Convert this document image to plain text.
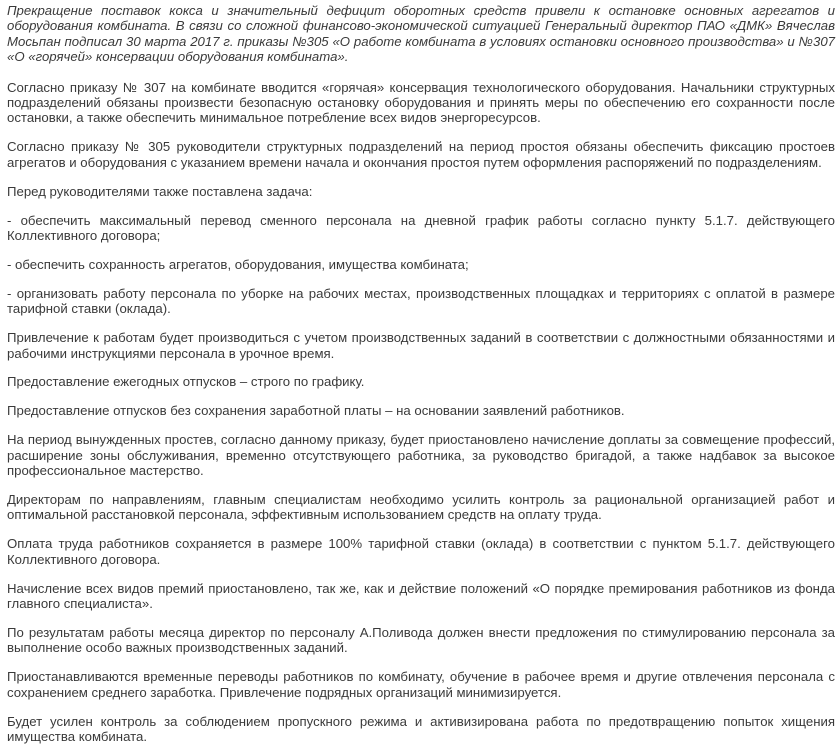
Прекращение поставок кокса и значительный дефицит оборотных средств привели к остановке основных агрегатов и оборудования комбината. В связи со сложной финансово-экономической ситуацией Генеральный директор ПАО «ДМК» Вячеслав Мосьпан подписал 30 марта 2017 г. приказы №305 «О работе комбината в условиях остановки основного производства» и №307 «О «горячей» консервации оборудования комбината».

Согласно приказу № 307 на комбинате вводится «горячая» консервация технологического оборудования. Начальники структурных подразделений обязаны произвести безопасную остановку оборудования и принять меры по обеспечению его сохранности после остановки, а также обеспечить минимальное потребление всех видов энергоресурсов.

Согласно приказу № 305 руководители структурных подразделений на период простоя обязаны обеспечить фиксацию простоев агрегатов и оборудования с указанием времени начала и окончания простоя путем оформления распоряжений по подразделениям.

Перед руководителями также поставлена задача:

- обеспечить максимальный перевод сменного персонала на дневной график работы согласно пункту 5.1.7. действующего Коллективного договора;

- обеспечить сохранность агрегатов, оборудования, имущества комбината;

- организовать работу персонала по уборке на рабочих местах, производственных площадках и территориях с оплатой в размере тарифной ставки (оклада).

Привлечение к работам будет производиться с учетом производственных заданий в соответствии с должностными обязанностями и рабочими инструкциями персонала в урочное время.

Предоставление ежегодных отпусков – строго по графику.

Предоставление отпусков без сохранения заработной платы – на основании заявлений работников.

На период вынужденных простев, согласно данному приказу, будет приостановлено начисление доплаты за совмещение профессий, расширение зоны обслуживания, временно отсутствующего работника, за руководство бригадой, а также надбавок за высокое профессиональное мастерство.

Директорам по направлениям, главным специалистам необходимо усилить контроль за рациональной организацией работ и оптимальной расстановкой персонала, эффективным использованием средств на оплату труда.

Оплата труда работников сохраняется в размере 100% тарифной ставки (оклада) в соответствии с пунктом 5.1.7. действующего Коллективного договора.

Начисление всех видов премий приостановлено, так же, как и действие положений «О порядке премирования работников из фонда главного специалиста».

По результатам работы месяца директор по персоналу А.Поливода должен внести предложения по стимулированию персонала за выполнение особо важных производственных заданий.

Приостанавливаются временные переводы работников по комбинату, обучение в рабочее время и другие отвлечения персонала с сохранением среднего заработка. Привлечение подрядных организаций минимизируется.

Будет усилен контроль за соблюдением пропускного режима и активизирована работа по предотвращению попыток хищения имущества комбината.
